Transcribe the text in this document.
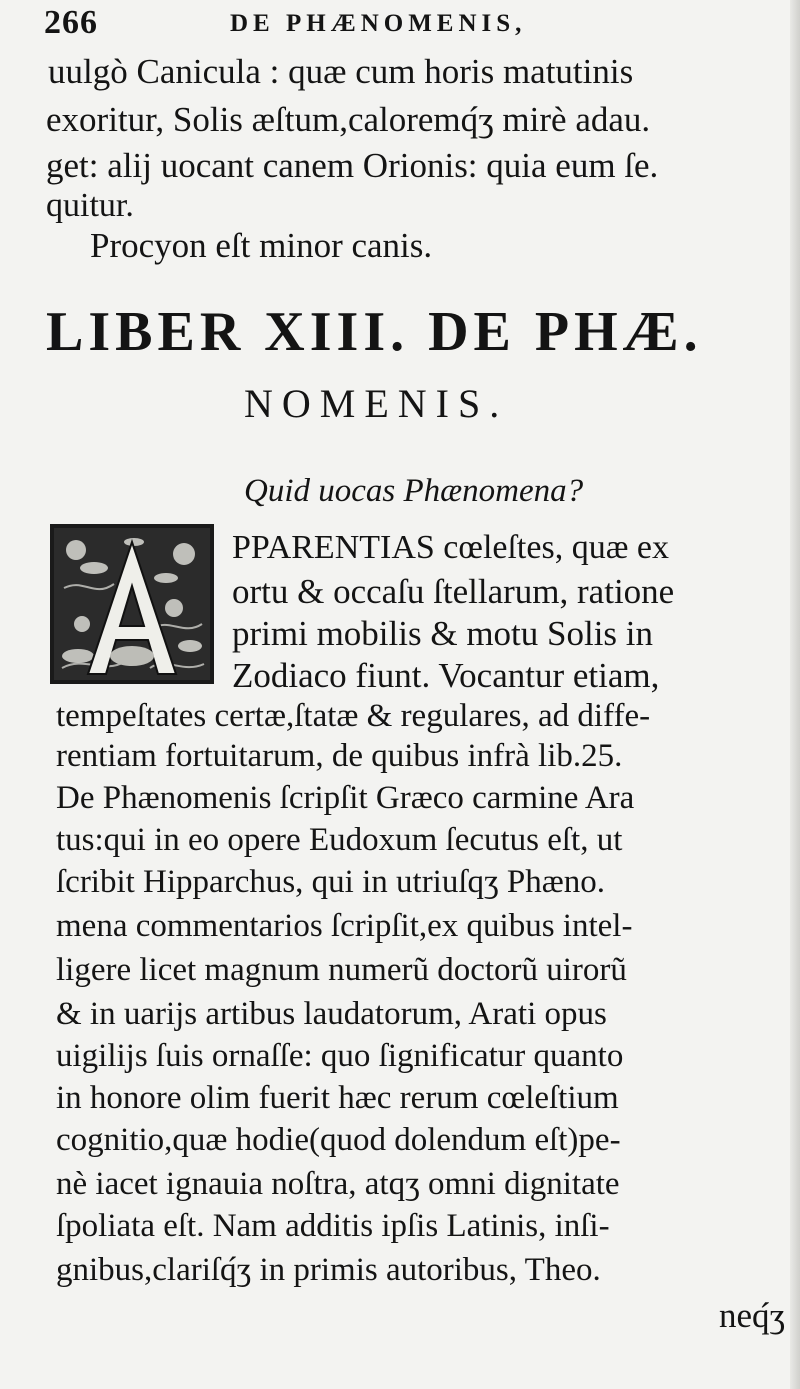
266	DE PHÆNOMENIS,
uulgò Canicula : quæ cum horis matutinis
exoritur, Solis æſtum,caloremq́ʒ mirè adau.
get: alij uocant canem Orionis: quia eum ſe.
quitur.
Procyon eſt minor canis.
LIBER XIII. DE PHÆ.
NOMENIS.
Quid uocas Phænomena?
PPARENTIAS cœleſtes, quæ ex
ortu & occaſu ſtellarum, ratione
primi mobilis & motu Solis in
Zodiaco fiunt. Vocantur etiam,
tempeſtates certæ,ſtatæ & regulares, ad diffe-
rentiam fortuitarum, de quibus infrà lib.25.
De Phænomenis ſcripſit Græco carmine Ara
tus:qui in eo opere Eudoxum ſecutus eſt, ut
ſcribit Hipparchus, qui in utriuſqʒ Phæno.
mena commentarios ſcripſit,ex quibus intel-
ligere licet magnum numerũ doctorũ uirorũ
& in uarijs artibus laudatorum, Arati opus
uigilijs ſuis ornaſſe: quo ſignificatur quanto
in honore olim fuerit hæc rerum cœleſtium
cognitio,quæ hodie(quod dolendum eſt)pe-
nè iacet ignauia noſtra, atqʒ omni dignitate
ſpoliata eſt. Nam additis ipſis Latinis, inſi-
gnibus,clariſq́ʒ in primis autoribus, Theo.
neq́ʒ
